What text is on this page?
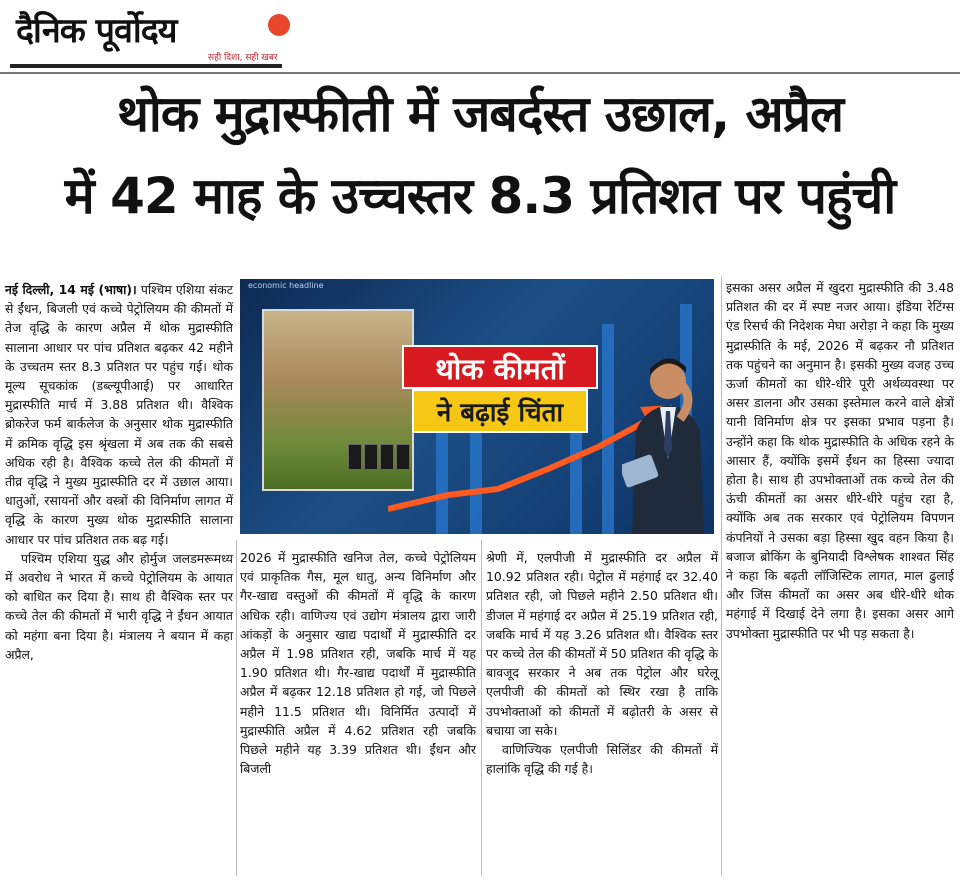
दैनिक पूर्वोदय
सही दिशा, सही खबर
थोक मुद्रास्फीती में जबर्दस्त उछाल, अप्रैल
में 42 माह के उच्चस्तर 8.3 प्रतिशत पर पहुंची

नई दिल्ली, 14 मई (भाषा)। पश्चिम एशिया संकट से ईंधन, बिजली एवं कच्चे पेट्रोलियम की कीमतों में तेज वृद्धि के कारण अप्रैल में थोक मुद्रास्फीति सालाना आधार पर पांच प्रतिशत बढ़कर 42 महीने के उच्चतम स्तर 8.3 प्रतिशत पर पहुंच गई। थोक मूल्य सूचकांक (डब्ल्यूपीआई) पर आधारित मुद्रास्फीति मार्च में 3.88 प्रतिशत थी। वैश्विक ब्रोकरेज फर्म बार्कलेज के अनुसार थोक मुद्रास्फीति में क्रमिक वृद्धि इस श्रृंखला में अब तक की सबसे अधिक रही है। वैश्विक कच्चे तेल की कीमतों में तीव्र वृद्धि ने मुख्य मुद्रास्फीति दर में उछाल आया। धातुओं, रसायनों और वस्त्रों की विनिर्माण लागत में वृद्धि के कारण मुख्य थोक मुद्रास्फीति सालाना आधार पर पांच प्रतिशत तक बढ़ गई।

पश्चिम एशिया युद्ध और होर्मुज जलडमरूमध्य में अवरोध ने भारत में कच्चे पेट्रोलियम के आयात को बाधित कर दिया है। साथ ही वैश्विक स्तर पर कच्चे तेल की कीमतों में भारी वृद्धि ने ईंधन आयात को महंगा बना दिया है। मंत्रालय ने बयान में कहा अप्रैल,

economic headline
थोक कीमतों
ने बढ़ाई चिंता

2026 में मुद्रास्फीति खनिज तेल, कच्चे पेट्रोलियम एवं प्राकृतिक गैस, मूल धातु, अन्य विनिर्माण और गैर-खाद्य वस्तुओं की कीमतों में वृद्धि के कारण अधिक रही। वाणिज्य एवं उद्योग मंत्रालय द्वारा जारी आंकड़ों के अनुसार खाद्य पदार्थों में मुद्रास्फीति दर अप्रैल में 1.98 प्रतिशत रही, जबकि मार्च में यह 1.90 प्रतिशत थी। गैर-खाद्य पदार्थों में मुद्रास्फीति अप्रैल में बढ़कर 12.18 प्रतिशत हो गई, जो पिछले महीने 11.5 प्रतिशत थी। विनिर्मित उत्पादों में मुद्रास्फीति अप्रैल में 4.62 प्रतिशत रही जबकि पिछले महीने यह 3.39 प्रतिशत थी। ईंधन और बिजली

श्रेणी में, एलपीजी में मुद्रास्फीति दर अप्रैल में 10.92 प्रतिशत रही। पेट्रोल में महंगाई दर 32.40 प्रतिशत रही, जो पिछले महीने 2.50 प्रतिशत थी। डीजल में महंगाई दर अप्रैल में 25.19 प्रतिशत रही, जबकि मार्च में यह 3.26 प्रतिशत थी। वैश्विक स्तर पर कच्चे तेल की कीमतों में 50 प्रतिशत की वृद्धि के बावजूद सरकार ने अब तक पेट्रोल और घरेलू एलपीजी की कीमतों को स्थिर रखा है ताकि उपभोक्ताओं को कीमतों में बढ़ोतरी के असर से बचाया जा सके।

वाणिज्यिक एलपीजी सिलिंडर की कीमतों में हालांकि वृद्धि की गई है।

इसका असर अप्रैल में खुदरा मुद्रास्फीति की 3.48 प्रतिशत की दर में स्पष्ट नजर आया। इंडिया रेटिंग्स एंड रिसर्च की निदेशक मेघा अरोड़ा ने कहा कि मुख्य मुद्रास्फीति के मई, 2026 में बढ़कर नौ प्रतिशत तक पहुंचने का अनुमान है। इसकी मुख्य वजह उच्च ऊर्जा कीमतों का धीरे-धीरे पूरी अर्थव्यवस्था पर असर डालना और उसका इस्तेमाल करने वाले क्षेत्रों यानी विनिर्माण क्षेत्र पर इसका प्रभाव पड़ना है। उन्होंने कहा कि थोक मुद्रास्फीति के अधिक रहने के आसार हैं, क्योंकि इसमें ईंधन का हिस्सा ज्यादा होता है। साथ ही उपभोक्ताओं तक कच्चे तेल की ऊंची कीमतों का असर धीरे-धीरे पहुंच रहा है, क्योंकि अब तक सरकार एवं पेट्रोलियम विपणन कंपनियों ने उसका बड़ा हिस्सा खुद वहन किया है। बजाज ब्रोकिंग के बुनियादी विश्लेषक शाश्वत सिंह ने कहा कि बढ़ती लॉजिस्टिक लागत, माल ढुलाई और जिंस कीमतों का असर अब धीरे-धीरे थोक महंगाई में दिखाई देने लगा है। इसका असर आगे उपभोक्ता मुद्रास्फीति पर भी पड़ सकता है।
